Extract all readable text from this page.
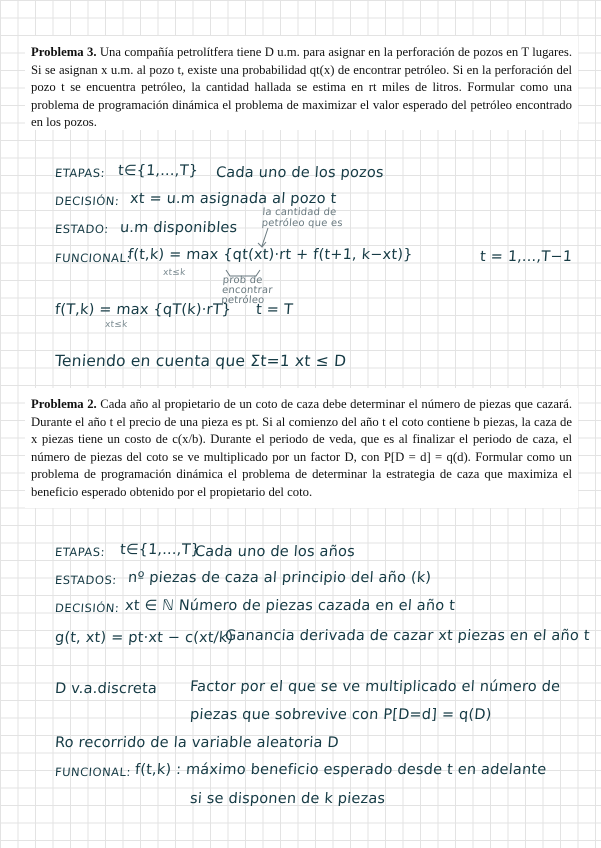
Problema 3. Una compañía petrolítfera tiene D u.m. para asignar en la perforación de pozos en T lugares. Si se asignan x u.m. al pozo t, existe una probabilidad qt(x) de encontrar petróleo. Si en la perforación del pozo t se encuentra petróleo, la cantidad hallada se estima en rt miles de litros. Formular como una problema de programación dinámica el problema de maximizar el valor esperado del petróleo encontrado en los pozos.
ETAPAS: t∈{1,...,T} Cada uno de los pozos
DECISIÓN: xt = u.m asignada al pozo t
ESTADO: u.m disponibles
la cantidad de petróleo que es
FUNCIONAL:
f(t,k) = max {qt(xt)·rt + f(t+1, k−xt)}
xt≤k
t = 1,...,T−1
prob de encontrar petróleo
f(T,k) = max {qT(k)·rT}
xt≤k
t = T
Teniendo en cuenta que Σt=1 xt ≤ D
Problema 2. Cada año al propietario de un coto de caza debe determinar el número de piezas que cazará. Durante el año t el precio de una pieza es pt. Si al comienzo del año t el coto contiene b piezas, la caza de x piezas tiene un costo de c(x/b). Durante el periodo de veda, que es al finalizar el periodo de caza, el número de piezas del coto se ve multiplicado por un factor D, con P[D = d] = q(d). Formular como un problema de programación dinámica el problema de determinar la estrategia de caza que maximiza el beneficio esperado obtenido por el propietario del coto.
ETAPAS: t∈{1,...,T}
Cada uno de los años
ESTADOS: nº piezas de caza al principio del año (k)
DECISIÓN: xt ∈ ℕ Número de piezas cazada en el año t
g(t, xt) = pt·xt − c(xt/k)
Ganancia derivada de cazar xt piezas en el año t
D v.a.discreta Factor por el que se ve multiplicado el número de
piezas que sobrevive con P[D=d] = q(D)
Ro recorrido de la variable aleatoria D
FUNCIONAL: f(t,k) : máximo beneficio esperado desde t en adelante
si se disponen de k piezas
